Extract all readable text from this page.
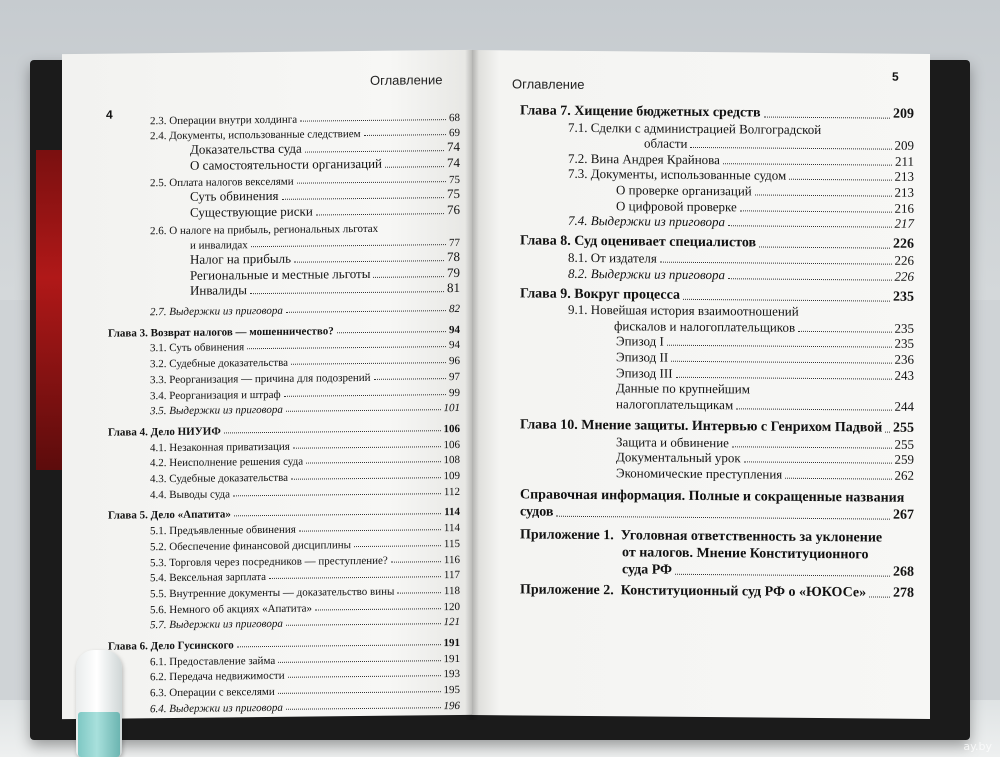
Оглавление
4	2.3. Операции внутри холдинга	68
2.4. Документы, использованные следствием	69
Доказательства суда	74
О самостоятельности организаций	74
2.5. Оплата налогов векселями	75
Суть обвинения	75
Существующие риски	76
2.6. О налоге на прибыль, региональных льготах
и инвалидах	77
Налог на прибыль	78
Региональные и местные льготы	79
Инвалиды	81
2.7. Выдержки из приговора	82
Глава 3. Возврат налогов — мошенничество?	94
3.1. Суть обвинения	94
3.2. Судебные доказательства	96
3.3. Реорганизация — причина для подозрений	97
3.4. Реорганизация и штраф	99
3.5. Выдержки из приговора	101
Глава 4. Дело НИУИФ	106
4.1. Незаконная приватизация	106
4.2. Неисполнение решения суда	108
4.3. Судебные доказательства	109
4.4. Выводы суда	112
Глава 5. Дело «Апатита»	114
5.1. Предъявленные обвинения	114
5.2. Обеспечение финансовой дисциплины	115
5.3. Торговля через посредников — преступление?	116
5.4. Вексельная зарплата	117
5.5. Внутренние документы — доказательство вины	118
5.6. Немного об акциях «Апатита»	120
5.7. Выдержки из приговора	121
Глава 6. Дело Гусинского	191
6.1. Предоставление займа	191
6.2. Передача недвижимости	193
6.3. Операции с векселями	195
6.4. Выдержки из приговора	196
Оглавление	5
Глава 7. Хищение бюджетных средств	209
7.1. Сделки с администрацией Волгоградской
области	209
7.2. Вина Андрея Крайнова	211
7.3. Документы, использованные судом	213
О проверке организаций	213
О цифровой проверке	216
7.4. Выдержки из приговора	217
Глава 8. Суд оценивает специалистов	226
8.1. От издателя	226
8.2. Выдержки из приговора	226
Глава 9. Вокруг процесса	235
9.1. Новейшая история взаимоотношений
фискалов и налогоплательщиков	235
Эпизод I	235
Эпизод II	236
Эпизод III	243
Данные по крупнейшим
налогоплательщикам	244
Глава 10. Мнение защиты. Интервью с Генрихом Падвой 255
Защита и обвинение	255
Документальный урок	259
Экономические преступления	262
Справочная информация. Полные и сокращенные названия
судов	267
Приложение 1.  Уголовная ответственность за уклонение
от налогов. Мнение Конституционного
суда РФ	268
Приложение 2.  Конституционный суд РФ о «ЮКОСе»	278
ay.by
